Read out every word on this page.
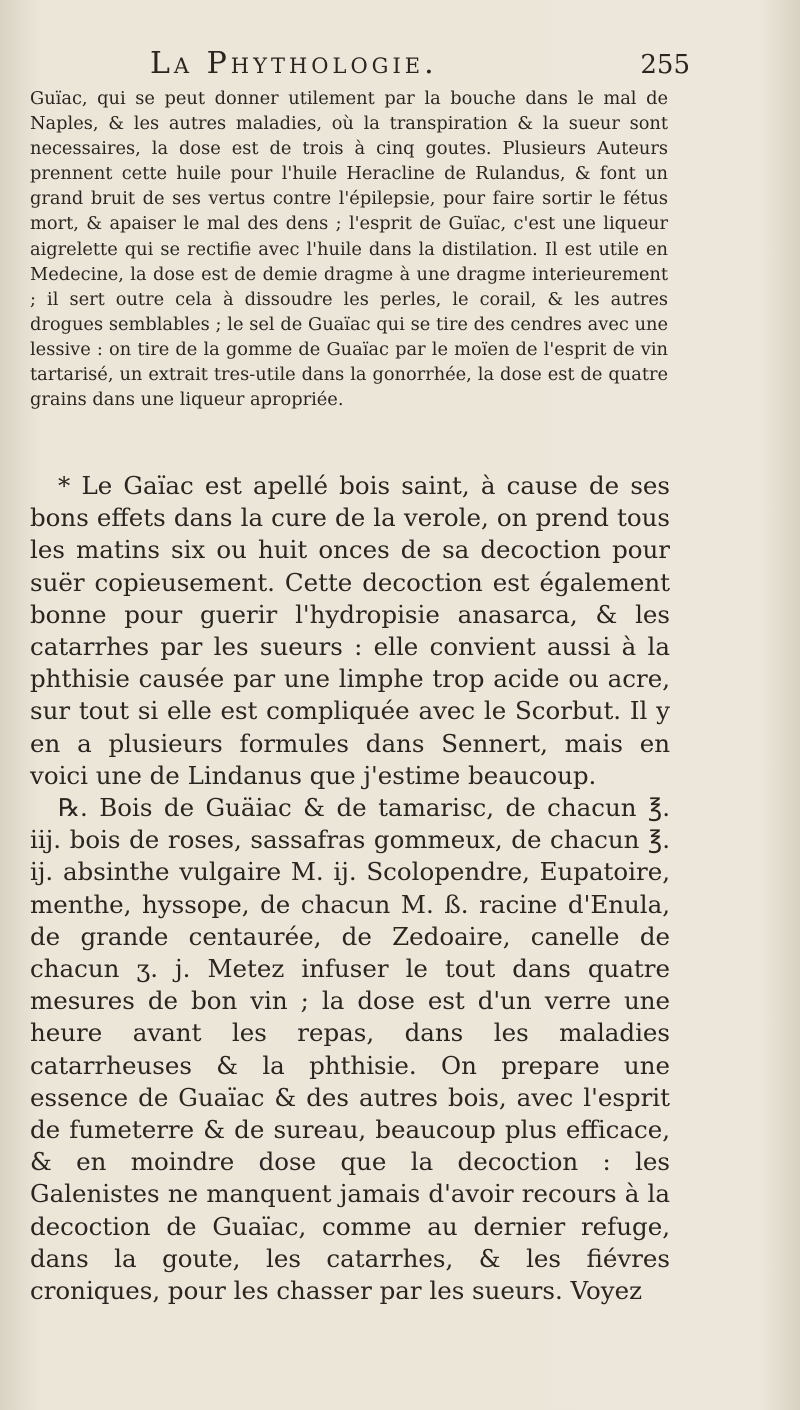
La Phythologie.	255

Guïac, qui se peut donner utilement par la bouche dans le mal de Naples, & les autres maladies, où la transpiration & la sueur sont necessaires, la dose est de trois à cinq goutes. Plusieurs Auteurs prennent cette huile pour l'huile Heracline de Rulandus, & font un grand bruit de ses vertus contre l'épilepsie, pour faire sortir le fétus mort, & apaiser le mal des dens ; l'esprit de Guïac, c'est une liqueur aigrelette qui se rectifie avec l'huile dans la distilation. Il est utile en Medecine, la dose est de demie dragme à une dragme interieurement ; il sert outre cela à dissoudre les perles, le corail, & les autres drogues semblables ; le sel de Guaïac qui se tire des cendres avec une lessive : on tire de la gomme de Guaïac par le moïen de l'esprit de vin tartarisé, un extrait tres-utile dans la gonorrhée, la dose est de quatre grains dans une liqueur apropriée.

* Le Gaïac est apellé bois saint, à cause de ses bons effets dans la cure de la verole, on prend tous les matins six ou huit onces de sa decoction pour suër copieusement. Cette decoction est également bonne pour guerir l'hydropisie anasarca, & les catarrhes par les sueurs : elle convient aussi à la phthisie causée par une limphe trop acide ou acre, sur tout si elle est compliquée avec le Scorbut. Il y en a plusieurs formules dans Sennert, mais en voici une de Lindanus que j'estime beaucoup.

℞. Bois de Guäiac & de tamarisc, de chacun ℥. iij. bois de roses, sassafras gommeux, de chacun ℥. ij. absinthe vulgaire M. ij. Scolopendre, Eupatoire, menthe, hyssope, de chacun M. ß. racine d'Enula, de grande centaurée, de Zedoaire, canelle de chacun ʒ. j. Metez infuser le tout dans quatre mesures de bon vin ; la dose est d'un verre une heure avant les repas, dans les maladies catarrheuses & la phthisie. On prepare une essence de Guaïac & des autres bois, avec l'esprit de fumeterre & de sureau, beaucoup plus efficace, & en moindre dose que la decoction : les Galenistes ne manquent jamais d'avoir recours à la decoction de Guaïac, comme au dernier refuge, dans la goute, les catarrhes, & les fiévres croniques, pour les chasser par les sueurs. Voyez
